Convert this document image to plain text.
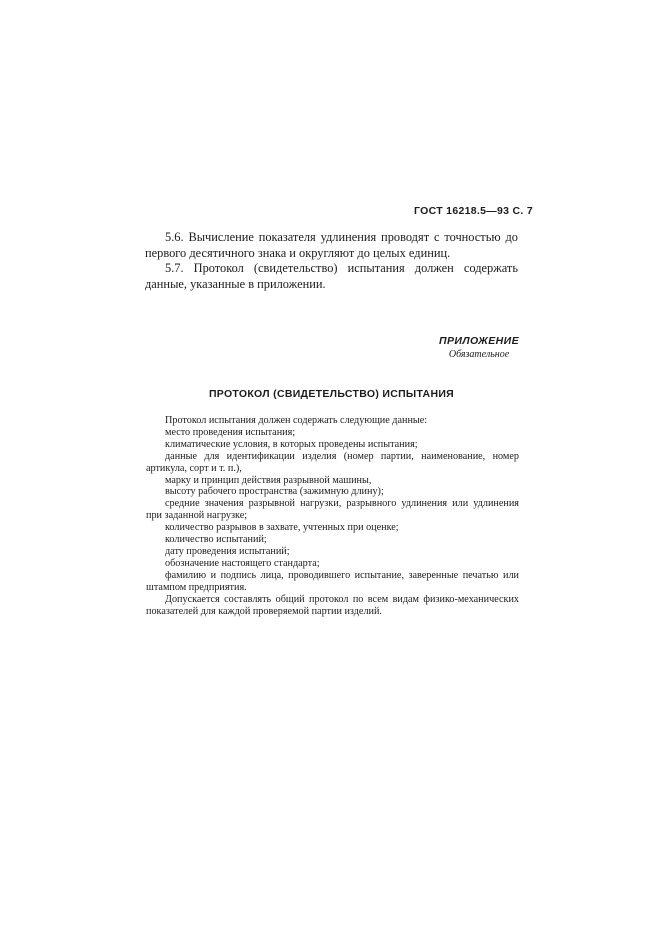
ГОСТ 16218.5—93 С. 7

5.6. Вычисление показателя удлинения проводят с точностью до первого десятичного знака и округляют до целых единиц.

5.7. Протокол (свидетельство) испытания должен содержать данные, указанные в приложении.

ПРИЛОЖЕНИЕ
Обязательное
ПРОТОКОЛ (СВИДЕТЕЛЬСТВО) ИСПЫТАНИЯ

Протокол испытания должен содержать следующие данные:

место проведения испытания;

климатические условия, в которых проведены испытания;

данные для идентификации изделия (номер партии, наименование, номер артикула, сорт и т. п.),

марку и принцип действия разрывной машины,

высоту рабочего пространства (зажимную длину);

средние значения разрывной нагрузки, разрывного удлинения или удлинения при заданной нагрузке;

количество разрывов в захвате, учтенных при оценке;

количество испытаний;

дату проведения испытаний;

обозначение настоящего стандарта;

фамилию и подпись лица, проводившего испытание, заверенные печатью или штампом предприятия.

Допускается составлять общий протокол по всем видам физико-механических показателей для каждой проверяемой партии изделий.
